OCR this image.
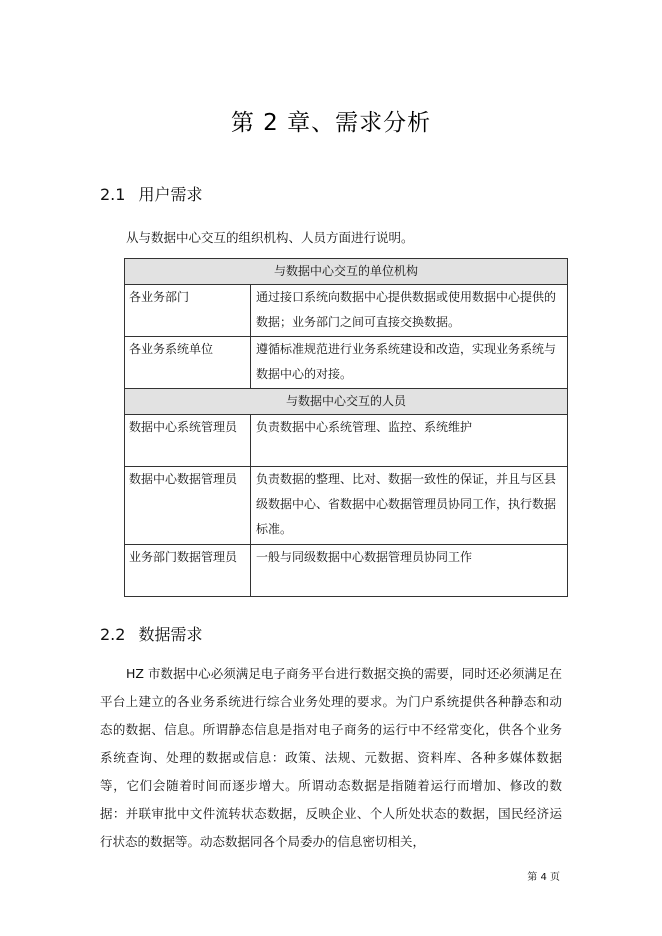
第 2 章、需求分析
2.1 用户需求
从与数据中心交互的组织机构、人员方面进行说明。
与数据中心交互的单位机构	
各业务部门	通过接口系统向数据中心提供数据或使用数据中心提供的数据；业务部门之间可直接交换数据。
各业务系统单位	遵循标准规范进行业务系统建设和改造，实现业务系统与数据中心的对接。
与数据中心交互的人员	
数据中心系统管理员	负责数据中心系统管理、监控、系统维护
数据中心数据管理员	负责数据的整理、比对、数据一致性的保证，并且与区县级数据中心、省数据中心数据管理员协同工作，执行数据标准。
业务部门数据管理员	一般与同级数据中心数据管理员协同工作
2.2 数据需求
HZ 市数据中心必须满足电子商务平台进行数据交换的需要，同时还必须满足在平台上建立的各业务系统进行综合业务处理的要求。为门户系统提供各种静态和动态的数据、信息。所谓静态信息是指对电子商务的运行中不经常变化，供各个业务系统查询、处理的数据或信息：政策、法规、元数据、资料库、各种多媒体数据等，它们会随着时间而逐步增大。所谓动态数据是指随着运行而增加、修改的数据：并联审批中文件流转状态数据，反映企业、个人所处状态的数据，国民经济运行状态的数据等。动态数据同各个局委办的信息密切相关，
第 4 页
